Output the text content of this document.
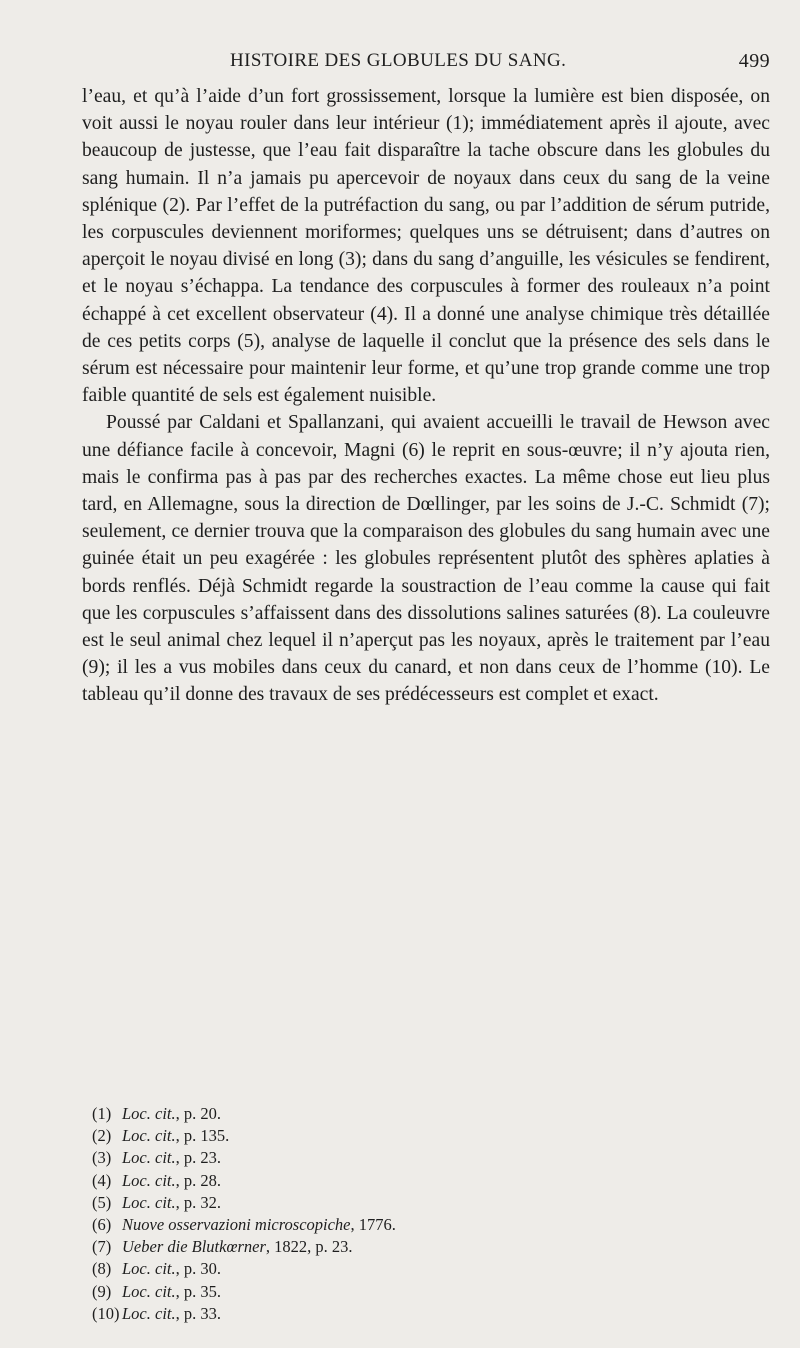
HISTOIRE DES GLOBULES DU SANG.	499

l’eau, et qu’à l’aide d’un fort grossissement, lorsque la lumière est bien disposée, on voit aussi le noyau rouler dans leur intérieur (1); immédiatement après il ajoute, avec beaucoup de justesse, que l’eau fait disparaître la tache obscure dans les globules du sang humain. Il n’a jamais pu apercevoir de noyaux dans ceux du sang de la veine splénique (2). Par l’effet de la putréfaction du sang, ou par l’addition de sérum putride, les corpuscules deviennent moriformes; quelques uns se détruisent; dans d’autres on aperçoit le noyau divisé en long (3); dans du sang d’anguille, les vésicules se fendirent, et le noyau s’échappa. La tendance des corpuscules à former des rouleaux n’a point échappé à cet excellent observateur (4). Il a donné une analyse chimique très détaillée de ces petits corps (5), analyse de laquelle il conclut que la présence des sels dans le sérum est nécessaire pour maintenir leur forme, et qu’une trop grande comme une trop faible quantité de sels est également nuisible.

Poussé par Caldani et Spallanzani, qui avaient accueilli le travail de Hewson avec une défiance facile à concevoir, Magni (6) le reprit en sous-œuvre; il n’y ajouta rien, mais le confirma pas à pas par des recherches exactes. La même chose eut lieu plus tard, en Allemagne, sous la direction de Dœllinger, par les soins de J.-C. Schmidt (7); seulement, ce dernier trouva que la comparaison des globules du sang humain avec une guinée était un peu exagérée : les globules représentent plutôt des sphères aplaties à bords renflés. Déjà Schmidt regarde la soustraction de l’eau comme la cause qui fait que les corpuscules s’affaissent dans des dissolutions salines saturées (8). La couleuvre est le seul animal chez lequel il n’aperçut pas les noyaux, après le traitement par l’eau (9); il les a vus mobiles dans ceux du canard, et non dans ceux de l’homme (10). Le tableau qu’il donne des travaux de ses prédécesseurs est complet et exact.

(1) Loc. cit. , p. 20.
(2) Loc. cit. , p. 135.
(3) Loc. cit. , p. 23.
(4) Loc. cit. , p. 28.
(5) Loc. cit. , p. 32.
(6) Nuove osservazioni microscopiche , 1776.
(7) Ueber die Blutkœrner , 1822, p. 23.
(8) Loc. cit. , p. 30.
(9) Loc. cit. , p. 35.
(10) Loc. cit. , p. 33.
